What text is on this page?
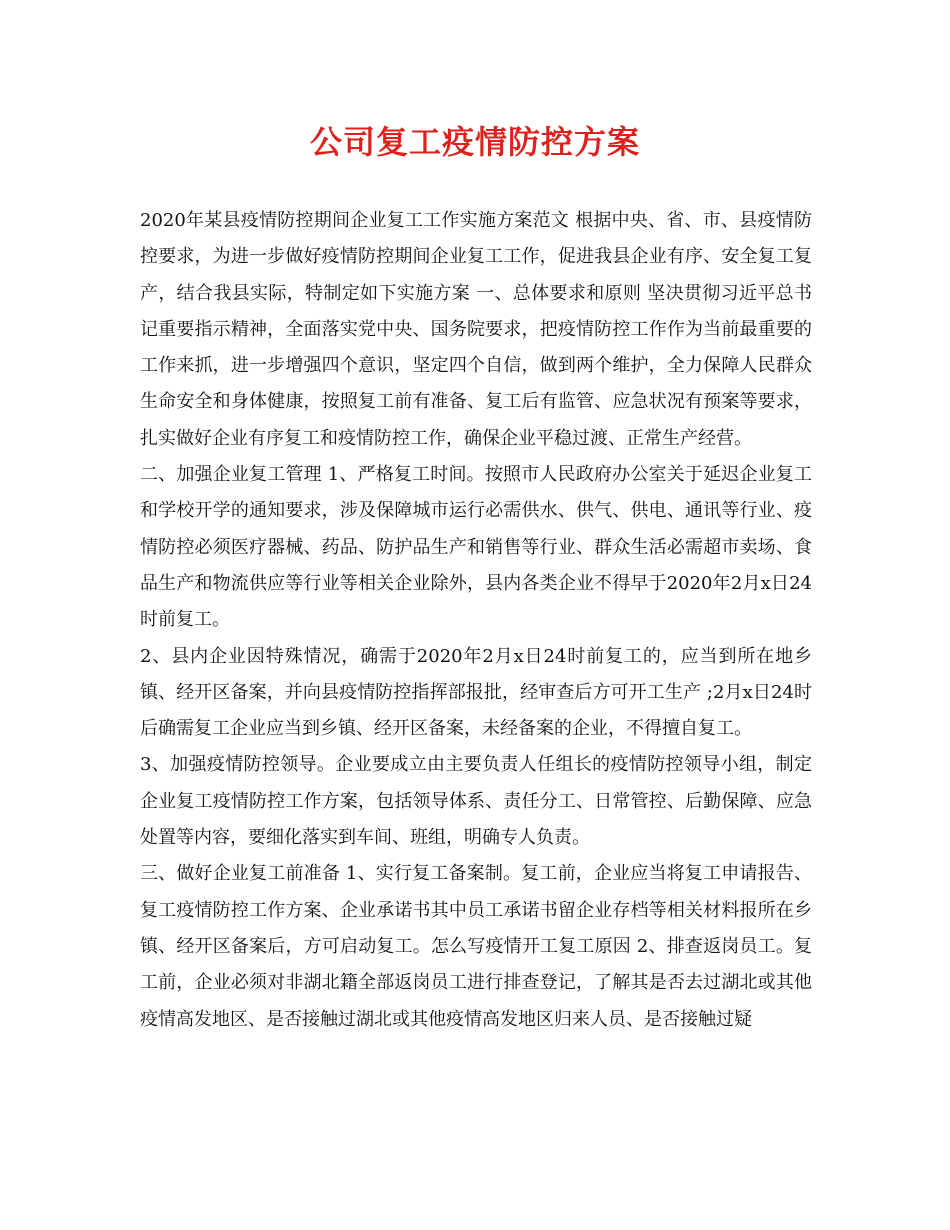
公司复工疫情防控方案

2020年某县疫情防控期间企业复工工作实施方案范文 根据中央、省、市、县疫情防控要求，为进一步做好疫情防控期间企业复工工作，促进我县企业有序、安全复工复产，结合我县实际，特制定如下实施方案 一、总体要求和原则 坚决贯彻习近平总书记重要指示精神，全面落实党中央、国务院要求，把疫情防控工作作为当前最重要的工作来抓，进一步增强四个意识，坚定四个自信，做到两个维护，全力保障人民群众生命安全和身体健康，按照复工前有准备、复工后有监管、应急状况有预案等要求，扎实做好企业有序复工和疫情防控工作，确保企业平稳过渡、正常生产经营。

二、加强企业复工管理 1、严格复工时间。按照市人民政府办公室关于延迟企业复工和学校开学的通知要求，涉及保障城市运行必需供水、供气、供电、通讯等行业、疫情防控必须医疗器械、药品、防护品生产和销售等行业、群众生活必需超市卖场、食品生产和物流供应等行业等相关企业除外，县内各类企业不得早于2020年2月x日24时前复工。

2、县内企业因特殊情况，确需于2020年2月x日24时前复工的，应当到所在地乡镇、经开区备案，并向县疫情防控指挥部报批，经审查后方可开工生产 ;2月x日24时后确需复工企业应当到乡镇、经开区备案，未经备案的企业，不得擅自复工。

3、加强疫情防控领导。企业要成立由主要负责人任组长的疫情防控领导小组，制定企业复工疫情防控工作方案，包括领导体系、责任分工、日常管控、后勤保障、应急处置等内容，要细化落实到车间、班组，明确专人负责。

三、做好企业复工前准备 1、实行复工备案制。复工前，企业应当将复工申请报告、复工疫情防控工作方案、企业承诺书其中员工承诺书留企业存档等相关材料报所在乡镇、经开区备案后，方可启动复工。怎么写疫情开工复工原因 2、排查返岗员工。复工前，企业必须对非湖北籍全部返岗员工进行排查登记，了解其是否去过湖北或其他疫情高发地区、是否接触过湖北或其他疫情高发地区归来人员、是否接触过疑
